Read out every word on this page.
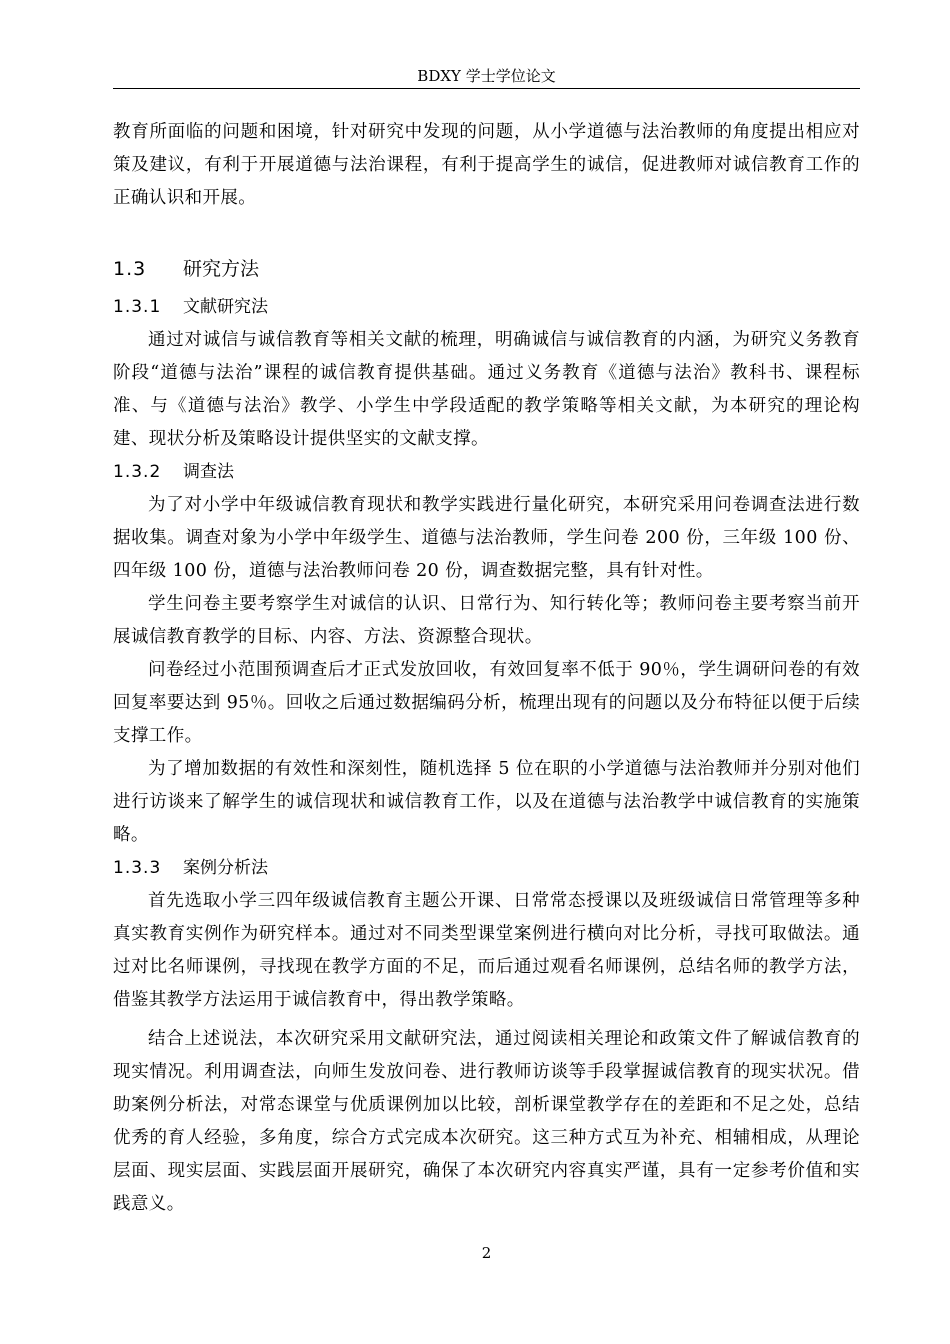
BDXY 学士学位论文

教育所面临的问题和困境，针对研究中发现的问题，从小学道德与法治教师的角度提出相应对策及建议，有利于开展道德与法治课程，有利于提高学生的诚信，促进教师对诚信教育工作的正确认识和开展。

1.3 研究方法
1.3.1 文献研究法

通过对诚信与诚信教育等相关文献的梳理，明确诚信与诚信教育的内涵，为研究义务教育阶段“道德与法治”课程的诚信教育提供基础。通过义务教育《道德与法治》教科书、课程标准、与《道德与法治》教学、小学生中学段适配的教学策略等相关文献，为本研究的理论构建、现状分析及策略设计提供坚实的文献支撑。

1.3.2 调查法

为了对小学中年级诚信教育现状和教学实践进行量化研究，本研究采用问卷调查法进行数据收集。调查对象为小学中年级学生、道德与法治教师，学生问卷 200 份，三年级 100 份、四年级 100 份，道德与法治教师问卷 20 份，调查数据完整，具有针对性。

学生问卷主要考察学生对诚信的认识、日常行为、知行转化等；教师问卷主要考察当前开展诚信教育教学的目标、内容、方法、资源整合现状。

问卷经过小范围预调查后才正式发放回收，有效回复率不低于 90％，学生调研问卷的有效回复率要达到 95％。回收之后通过数据编码分析，梳理出现有的问题以及分布特征以便于后续支撑工作。

为了增加数据的有效性和深刻性，随机选择 5 位在职的小学道德与法治教师并分别对他们进行访谈来了解学生的诚信现状和诚信教育工作，以及在道德与法治教学中诚信教育的实施策略。

1.3.3 案例分析法

首先选取小学三四年级诚信教育主题公开课、日常常态授课以及班级诚信日常管理等多种真实教育实例作为研究样本。通过对不同类型课堂案例进行横向对比分析，寻找可取做法。通过对比名师课例，寻找现在教学方面的不足，而后通过观看名师课例，总结名师的教学方法，借鉴其教学方法运用于诚信教育中，得出教学策略。

结合上述说法，本次研究采用文献研究法，通过阅读相关理论和政策文件了解诚信教育的现实情况。利用调查法，向师生发放问卷、进行教师访谈等手段掌握诚信教育的现实状况。借助案例分析法，对常态课堂与优质课例加以比较，剖析课堂教学存在的差距和不足之处，总结优秀的育人经验，多角度，综合方式完成本次研究。这三种方式互为补充、相辅相成，从理论层面、现实层面、实践层面开展研究，确保了本次研究内容真实严谨，具有一定参考价值和实践意义。

2
